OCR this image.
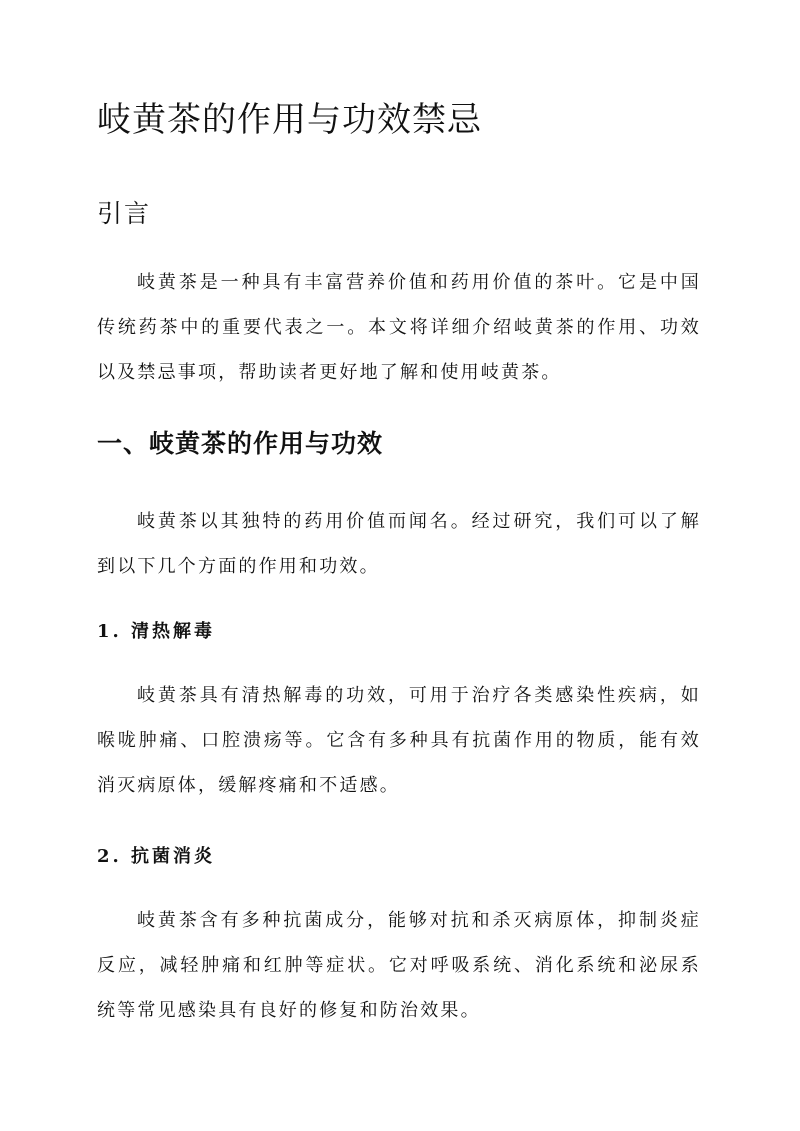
岐黄茶的作用与功效禁忌
引言

岐黄茶是一种具有丰富营养价值和药用价值的茶叶。它是中国传统药茶中的重要代表之一。本文将详细介绍岐黄茶的作用、功效以及禁忌事项，帮助读者更好地了解和使用岐黄茶。

一、岐黄茶的作用与功效

岐黄茶以其独特的药用价值而闻名。经过研究，我们可以了解到以下几个方面的作用和功效。

1. 清热解毒

岐黄茶具有清热解毒的功效，可用于治疗各类感染性疾病，如喉咙肿痛、口腔溃疡等。它含有多种具有抗菌作用的物质，能有效消灭病原体，缓解疼痛和不适感。

2. 抗菌消炎

岐黄茶含有多种抗菌成分，能够对抗和杀灭病原体，抑制炎症反应，减轻肿痛和红肿等症状。它对呼吸系统、消化系统和泌尿系统等常见感染具有良好的修复和防治效果。
